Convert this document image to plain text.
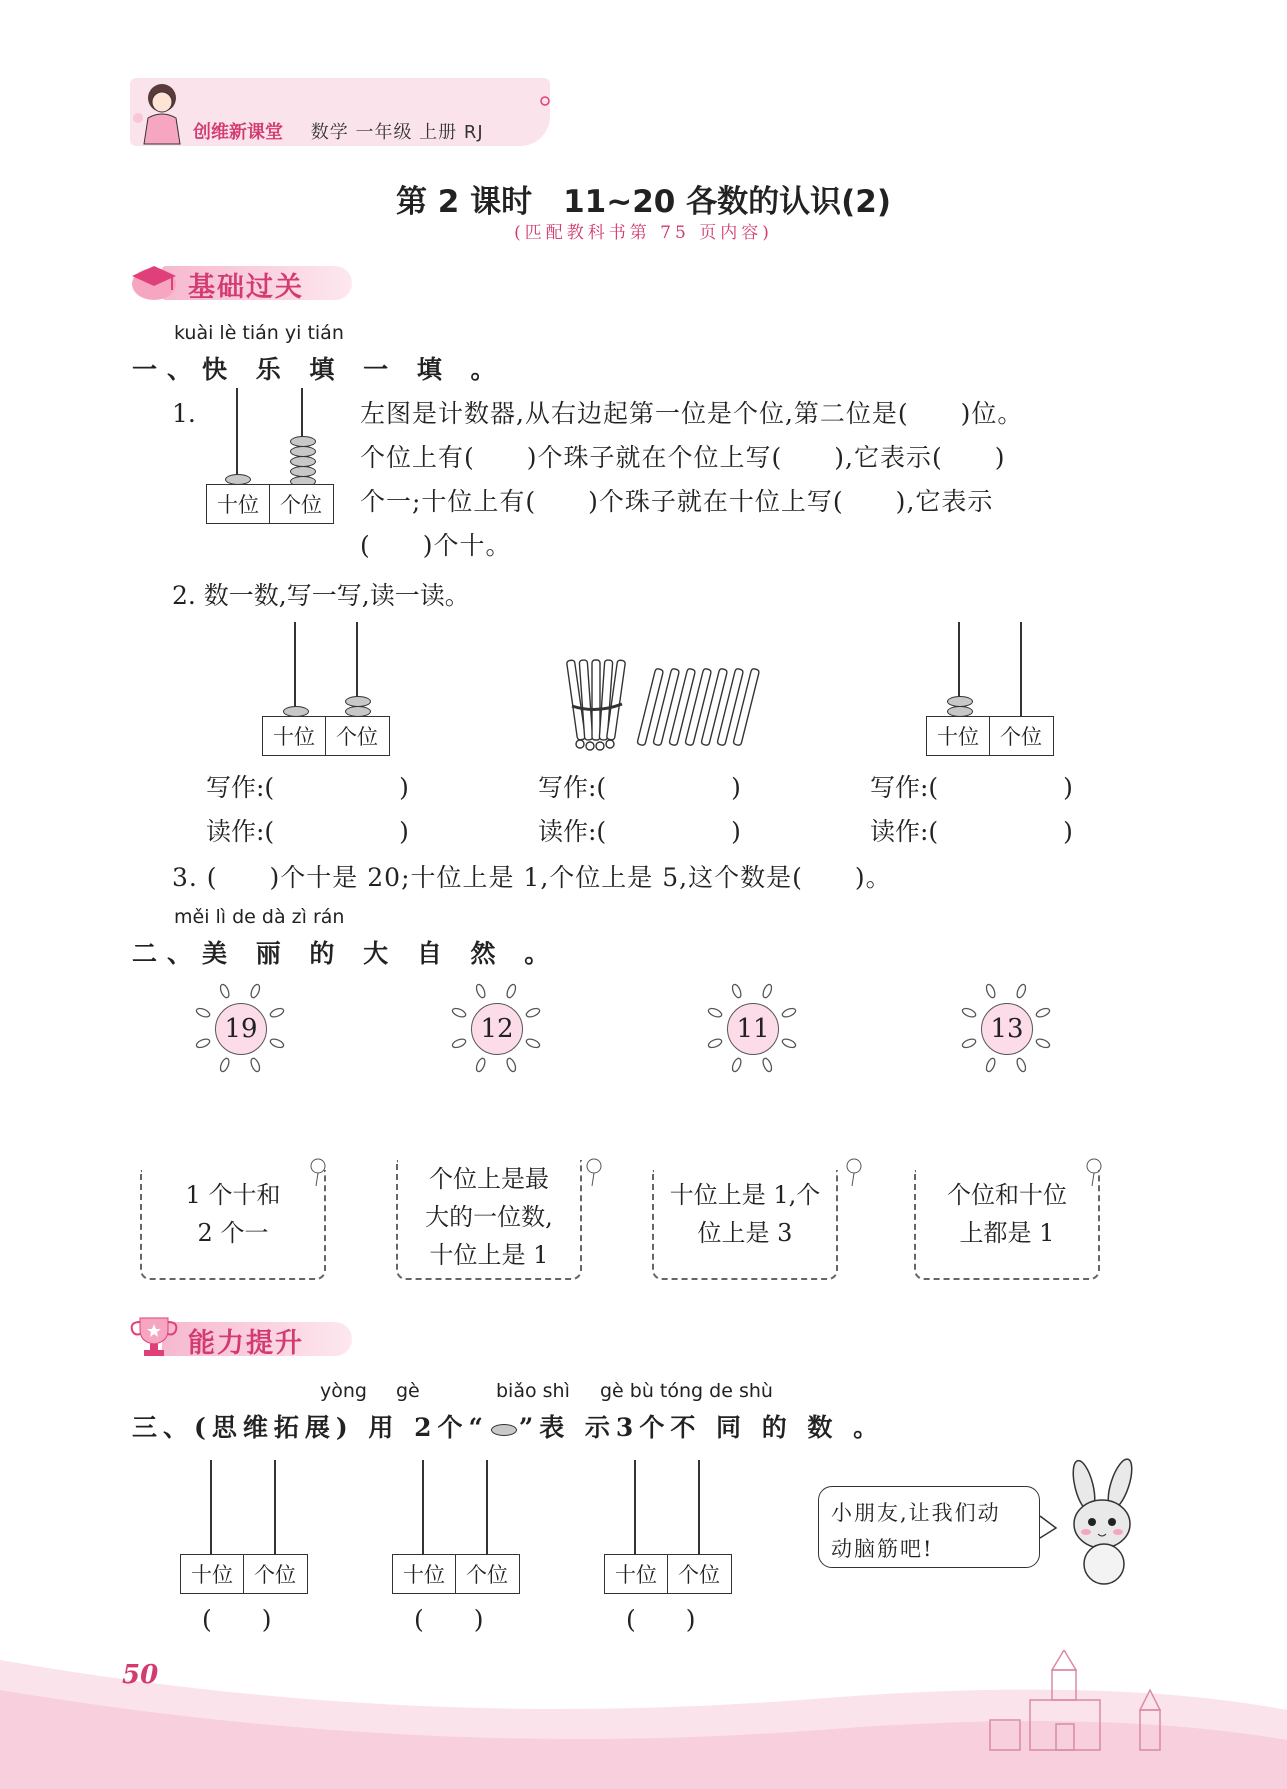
创维新课堂 数学 一年级 上册 RJ
第 2 课时　11~20 各数的认识(2)
(匹配教科书第 75 页内容)
基础过关
kuài lè tián yi tián
一、快 乐 填 一 填 。
1.
十位	个位
左图是计数器,从右边起第一位是个位,第二位是(　　)位。
个位上有(　　)个珠子就在个位上写(　　),它表示(　　)
个一;十位上有(　　)个珠子就在十位上写(　　),它表示
(　　)个十。
2. 数一数,写一写,读一读。
十位	个位	十位	个位
写作:(　　　　　)	写作:(　　　　　)	写作:(　　　　　)
读作:(　　　　　)	读作:(　　　　　)	读作:(　　　　　)
3. (　　)个十是 20;十位上是 1,个位上是 5,这个数是(　　)。
měi lì de dà zì rán
二、美 丽 的 大 自 然 。
19	12	11	13
1 个十和
2 个一
个位上是最
大的一位数,
十位上是 1
十位上是 1,个
位上是 3
个位和十位
上都是 1
能力提升
yòng gè	biǎo shì gè bù tóng de shù
三、(思维拓展) 用 2个“ ”表 示3个不 同 的 数 。
十位	个位	十位	个位	十位	个位
(　　)	(　　)	(　　)
小朋友,让我们动
动脑筋吧!
50
